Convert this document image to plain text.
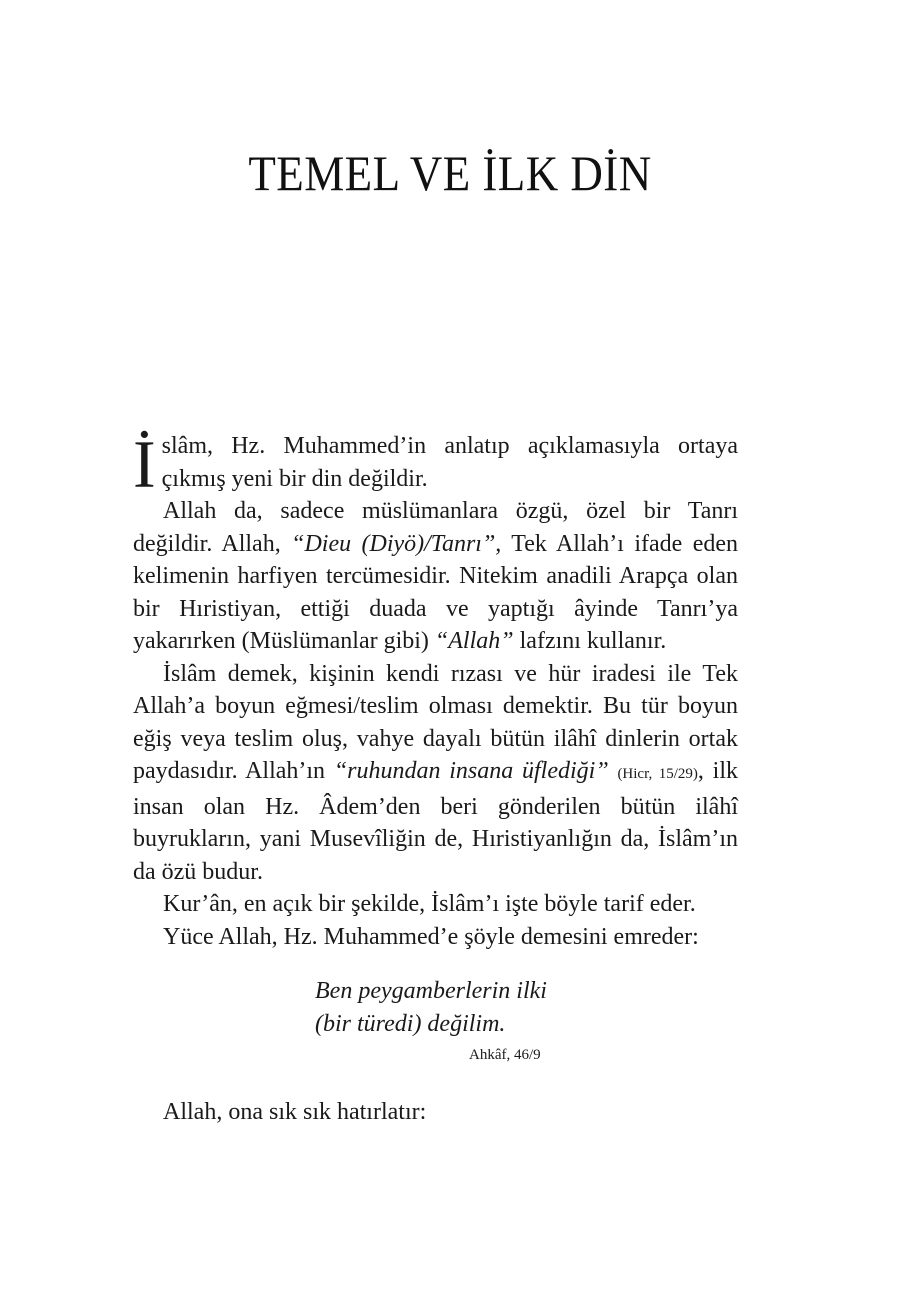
TEMEL VE İLK DİN

İslâm, Hz. Muhammed’in anlatıp açıklamasıyla ortaya çıkmış yeni bir din değildir.

Allah da, sadece müslümanlara özgü, özel bir Tanrı değildir. Allah, “Dieu (Diyö)/Tanrı”, Tek Allah’ı ifade eden kelimenin harfiyen tercümesidir. Nitekim anadili Arapça olan bir Hıristiyan, ettiği duada ve yaptığı âyinde Tanrı’ya yakarırken (Müslümanlar gibi) “Allah” lafzını kullanır.

İslâm demek, kişinin kendi rızası ve hür iradesi ile Tek Allah’a boyun eğmesi/teslim olması demektir. Bu tür boyun eğiş veya teslim oluş, vahye dayalı bütün ilâhî dinlerin ortak paydasıdır. Allah’ın “ruhundan insana üflediği” (Hicr, 15/29), ilk insan olan Hz. Âdem’den beri gönderilen bütün ilâhî buyrukların, yani Musevîliğin de, Hıristiyanlığın da, İslâm’ın da özü budur.

Kur’ân, en açık bir şekilde, İslâm’ı işte böyle tarif eder.

Yüce Allah, Hz. Muhammed’e şöyle demesini emreder:

Ben peygamberlerin ilki
(bir türedi) değilim.
Ahkâf, 46/9

Allah, ona sık sık hatırlatır:
